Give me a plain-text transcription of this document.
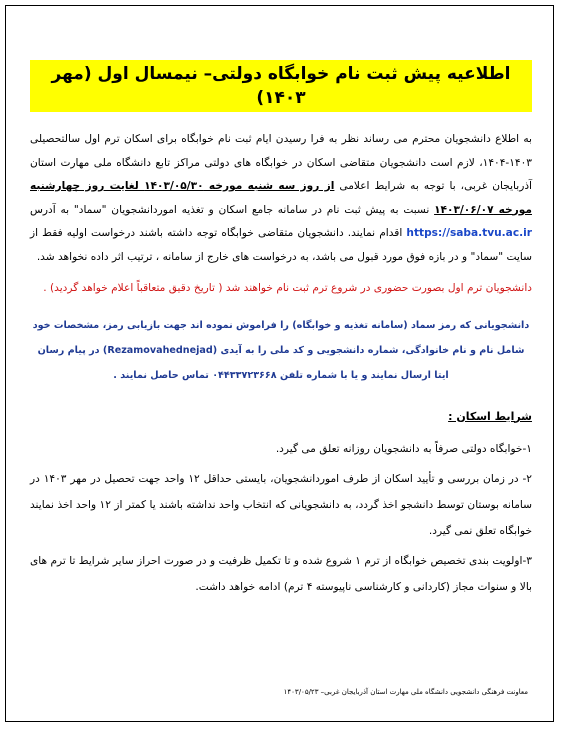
اطلاعیه پیش ثبت نام خوابگاه دولتی– نیمسال اول (مهر ۱۴۰۳)

به اطلاع دانشجویان محترم می رساند نظر به فرا رسیدن ایام ثبت نام خوابگاه برای اسکان ترم اول سالتحصیلی ۱۴۰۳-۱۴۰۴، لازم است دانشجویان متقاضی اسکان در خوابگاه های دولتی مراکز تابع دانشگاه ملی مهارت استان آذربایجان غربی، با توجه به شرایط اعلامی از روز سه شنبه مورخه ۱۴۰۳/۰۵/۳۰ لغایت روز چهارشنبه مورخه ۱۴۰۳/۰۶/۰۷ نسبت به پیش ثبت نام در سامانه جامع اسکان و تغذیه اموردانشجویان "سماد" به آدرس https://saba.tvu.ac.ir اقدام نمایند. دانشجویان متقاضی خوابگاه توجه داشته باشند درخواست اولیه فقط از سایت "سماد" و در بازه فوق مورد قبول می باشد، به درخواست های خارج از سامانه ، ترتیب اثر داده نخواهد شد.

دانشجویان ترم اول بصورت حضوری در شروع ترم ثبت نام خواهند شد ( تاریخ دقیق متعاقباً اعلام خواهد گردید) .

دانشجویانی که رمز سماد (سامانه تغذیه و خوابگاه) را فراموش نموده اند جهت بازیابی رمز، مشخصات خود شامل نام و نام خانوادگی، شماره دانشجویی و کد ملی را به آیدی (Rezamovahednejad) در پیام رسان ایتا ارسال نمایند و یا با شماره تلفن ۰۴۴۳۳۷۲۳۶۶۸ تماس حاصل نمایند .

شرایط اسکان :

۱-خوابگاه دولتی صرفاً به دانشجویان روزانه تعلق می گیرد.

۲- در زمان بررسی و تأیید اسکان از طرف اموردانشجویان، بایستی حداقل ۱۲ واحد جهت تحصیل در مهر ۱۴۰۳ در سامانه بوستان توسط دانشجو اخذ گردد، به دانشجویانی که انتخاب واحد نداشته باشند یا کمتر از ۱۲ واحد اخذ نمایند خوابگاه تعلق نمی گیرد.

۳-اولویت بندی تخصیص خوابگاه از ترم ۱ شروع شده و تا تکمیل ظرفیت و در صورت احراز سایر شرایط تا ترم های بالا و سنوات مجاز (کاردانی و کارشناسی ناپیوسته ۴ ترم) ادامه خواهد داشت.

معاونت فرهنگی دانشجویی دانشگاه ملی مهارت استان آذربایجان غربی– ۱۴۰۳/۰۵/۲۳
